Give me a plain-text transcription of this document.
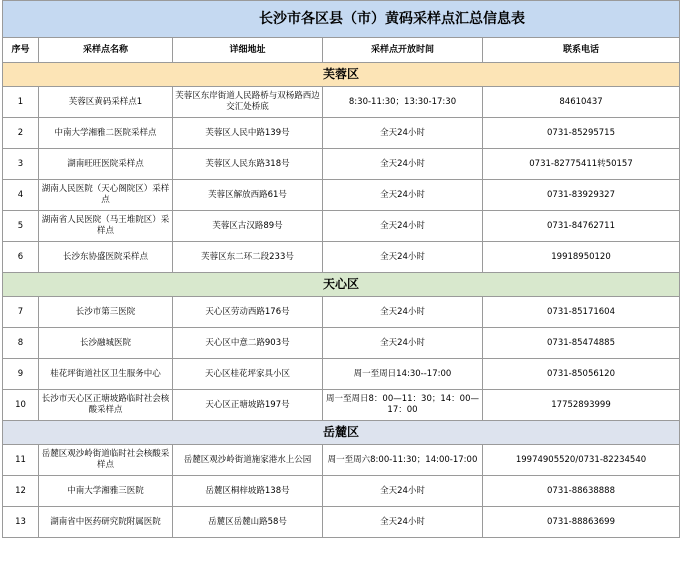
长沙市各区县（市）黄码采样点汇总信息表				
序号	采样点名称	详细地址	采样点开放时间	联系电话
芙蓉区				
1	芙蓉区黄码采样点1	芙蓉区东岸街道人民路桥与双杨路西边交汇处桥底	8:30-11:30；13:30-17:30	84610437
2	中南大学湘雅二医院采样点	芙蓉区人民中路139号	全天24小时	0731-85295715
3	湖南旺旺医院采样点	芙蓉区人民东路318号	全天24小时	0731-82775411转50157
4	湖南人民医院（天心阁院区）采样点	芙蓉区解放西路61号	全天24小时	0731-83929327
5	湖南省人民医院（马王堆院区）采样点	芙蓉区古汉路89号	全天24小时	0731-84762711
6	长沙东协盛医院采样点	芙蓉区东二环二段233号	全天24小时	19918950120
天心区				
7	长沙市第三医院	天心区劳动西路176号	全天24小时	0731-85171604
8	长沙融城医院	天心区中意二路903号	全天24小时	0731-85474885
9	桂花坪街道社区卫生服务中心	天心区桂花坪家具小区	周一至周日14:30--17:00	0731-85056120
10	长沙市天心区正塘坡路临时社会核酸采样点	天心区正塘坡路197号	周一至周日8：00—11：30；14：00—17：00	17752893999
岳麓区				
11	岳麓区观沙岭街道临时社会核酸采样点	岳麓区观沙岭街道施家港水上公园	周一至周六8:00-11:30；14:00-17:00	19974905520/0731-82234540
12	中南大学湘雅三医院	岳麓区桐梓坡路138号	全天24小时	0731-88638888
13	湖南省中医药研究院附属医院	岳麓区岳麓山路58号	全天24小时	0731-88863699
